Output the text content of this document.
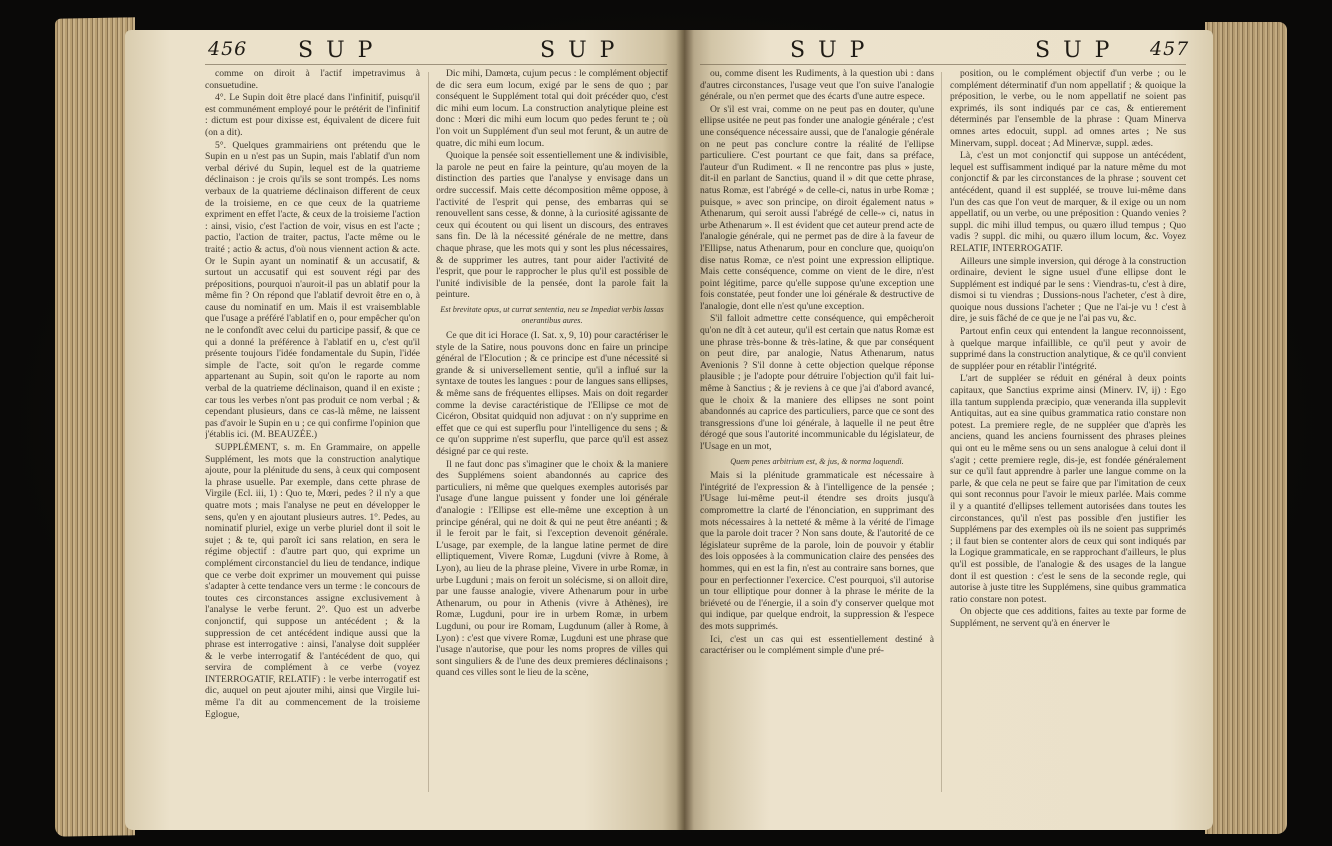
456 S U P	S U P	S U P	S U P 457

comme on diroit à l'actif impetravimus à consuetudine.

4°. Le Supin doit être placé dans l'infinitif, puisqu'il est communément employé pour le prétérit de l'infinitif : dictum est pour dixisse est, équivalent de dicere fuit (on a dit).

5°. Quelques grammairiens ont prétendu que le Supin en u n'est pas un Supin, mais l'ablatif d'un nom verbal dérivé du Supin, lequel est de la quatrieme déclinaison : je crois qu'ils se sont trompés. Les noms verbaux de la quatrieme déclinaison different de ceux de la troisieme, en ce que ceux de la quatrieme expriment en effet l'acte, & ceux de la troisieme l'action : ainsi, visio, c'est l'action de voir, visus en est l'acte ; pactio, l'action de traiter, pactus, l'acte même ou le traité ; actio & actus, d'où nous viennent action & acte. Or le Supin ayant un nominatif & un accusatif, & surtout un accusatif qui est souvent régi par des prépositions, pourquoi n'auroit-il pas un ablatif pour la même fin ? On répond que l'ablatif devroit être en o, à cause du nominatif en um. Mais il est vraisemblable que l'usage a préféré l'ablatif en o, pour empêcher qu'on ne le confondît avec celui du participe passif, & que ce qui a donné la préférence à l'ablatif en u, c'est qu'il présente toujours l'idée fondamentale du Supin, l'idée simple de l'acte, soit qu'on le regarde comme appartenant au Supin, soit qu'on le raporte au nom verbal de la quatrieme déclinaison, quand il en existe ; car tous les verbes n'ont pas produit ce nom verbal ; & cependant plusieurs, dans ce cas-là même, ne laissent pas d'avoir le Supin en u ; ce qui confirme l'opinion que j'établis ici. (M. BEAUZÉE.)

SUPPLÉMENT, s. m. En Grammaire, on appelle Supplément, les mots que la construction analytique ajoute, pour la plénitude du sens, à ceux qui composent la phrase usuelle. Par exemple, dans cette phrase de Virgile (Ecl. iii, 1) : Quo te, Mœri, pedes ? il n'y a que quatre mots ; mais l'analyse ne peut en développer le sens, qu'en y en ajoutant plusieurs autres. 1°. Pedes, au nominatif pluriel, exige un verbe pluriel dont il soit le sujet ; & te, qui paroît ici sans relation, en sera le régime objectif : d'autre part quo, qui exprime un complément circonstanciel du lieu de tendance, indique que ce verbe doit exprimer un mouvement qui puisse s'adapter à cette tendance vers un terme : le concours de toutes ces circonstances assigne exclusivement à l'analyse le verbe ferunt. 2°. Quo est un adverbe conjonctif, qui suppose un antécédent ; & la suppression de cet antécédent indique aussi que la phrase est interrogative : ainsi, l'analyse doit suppléer & le verbe interrogatif & l'antécédent de quo, qui servira de complément à ce verbe (voyez INTERROGATIF, RELATIF) : le verbe interrogatif est dic, auquel on peut ajouter mihi, ainsi que Virgile lui-même l'a dit au commencement de la troisieme Eglogue,

Dic mihi, Damœta, cujum pecus : le complément objectif de dic sera eum locum, exigé par le sens de quo ; par conséquent le Supplément total qui doit précéder quo, c'est dic mihi eum locum. La construction analytique pleine est donc : Mœri dic mihi eum locum quo pedes ferunt te ; où l'on voit un Supplément d'un seul mot ferunt, & un autre de quatre, dic mihi eum locum.

Quoique la pensée soit essentiellement une & indivisible, la parole ne peut en faire la peinture, qu'au moyen de la distinction des parties que l'analyse y envisage dans un ordre successif. Mais cette décomposition même oppose, à l'activité de l'esprit qui pense, des embarras qui se renouvellent sans cesse, & donne, à la curiosité agissante de ceux qui écoutent ou qui lisent un discours, des entraves sans fin. De là la nécessité générale de ne mettre, dans chaque phrase, que les mots qui y sont les plus nécessaires, & de supprimer les autres, tant pour aider l'activité de l'esprit, que pour le rapprocher le plus qu'il est possible de l'unité indivisible de la pensée, dont la parole fait la peinture.

Est brevitate opus, ut currat sententia, neu se Impediat verbis lassas onerantibus aures.

Ce que dit ici Horace (I. Sat. x, 9, 10) pour caractériser le style de la Satire, nous pouvons donc en faire un principe général de l'Elocution ; & ce principe est d'une nécessité si grande & si universellement sentie, qu'il a influé sur la syntaxe de toutes les langues : pour de langues sans ellipses, & même sans de fréquentes ellipses. Mais on doit regarder comme la devise caractéristique de l'Ellipse ce mot de Cicéron, Obsitat quidquid non adjuvat : on n'y supprime en effet que ce qui est superflu pour l'intelligence du sens ; & ce qu'on supprime n'est superflu, que parce qu'il est assez désigné par ce qui reste.

Il ne faut donc pas s'imaginer que le choix & la maniere des Supplémens soient abandonnés au caprice des particuliers, ni même que quelques exemples autorisés par l'usage d'une langue puissent y fonder une loi générale d'analogie : l'Ellipse est elle-même une exception à un principe général, qui ne doit & qui ne peut être anéanti ; & il le feroit par le fait, si l'exception devenoit générale. L'usage, par exemple, de la langue latine permet de dire elliptiquement, Vivere Romæ, Lugduni (vivre à Rome, à Lyon), au lieu de la phrase pleine, Vivere in urbe Romæ, in urbe Lugduni ; mais on feroit un solécisme, si on alloit dire, par une fausse analogie, vivere Athenarum pour in urbe Athenarum, ou pour in Athenis (vivre à Athènes), ire Romæ, Lugduni, pour ire in urbem Romæ, in urbem Lugduni, ou pour ire Romam, Lugdunum (aller à Rome, à Lyon) : c'est que vivere Romæ, Lugduni est une phrase que l'usage n'autorise, que pour les noms propres de villes qui sont singuliers & de l'une des deux premieres déclinaisons ; quand ces villes sont le lieu de la scène,

ou, comme disent les Rudiments, à la question ubi : dans d'autres circonstances, l'usage veut que l'on suive l'analogie générale, ou n'en permet que des écarts d'une autre espece.

Or s'il est vrai, comme on ne peut pas en douter, qu'une ellipse usitée ne peut pas fonder une analogie générale ; c'est une conséquence nécessaire aussi, que de l'analogie générale on ne peut pas conclure contre la réalité de l'ellipse particuliere. C'est pourtant ce que fait, dans sa préface, l'auteur d'un Rudiment. « Il ne rencontre pas plus » juste, dit-il en parlant de Sanctius, quand il » dit que cette phrase, natus Romæ, est l'abrégé » de celle-ci, natus in urbe Romæ ; puisque, » avec son principe, on diroit également natus » Athenarum, qui seroit aussi l'abrégé de celle-» ci, natus in urbe Athenarum ». Il est évident que cet auteur prend acte de l'analogie générale, qui ne permet pas de dire à la faveur de l'Ellipse, natus Athenarum, pour en conclure que, quoiqu'on dise natus Romæ, ce n'est point une expression elliptique. Mais cette conséquence, comme on vient de le dire, n'est point légitime, parce qu'elle suppose qu'une exception une fois constatée, peut fonder une loi générale & destructive de l'analogie, dont elle n'est qu'une exception.

S'il falloit admettre cette conséquence, qui empêcheroit qu'on ne dît à cet auteur, qu'il est certain que natus Romæ est une phrase très-bonne & très-latine, & que par conséquent on peut dire, par analogie, Natus Athenarum, natus Avenionis ? S'il donne à cette objection quelque réponse plausible ; je l'adopte pour détruire l'objection qu'il fait lui-même à Sanctius ; & je reviens à ce que j'ai d'abord avancé, que le choix & la maniere des ellipses ne sont point abandonnés au caprice des particuliers, parce que ce sont des transgressions d'une loi générale, à laquelle il ne peut être dérogé que sous l'autorité incommunicable du législateur, de l'Usage en un mot,

Quem penes arbitrium est, & jus, & norma loquendi.

Mais si la plénitude grammaticale est nécessaire à l'intégrité de l'expression & à l'intelligence de la pensée ; l'Usage lui-même peut-il étendre ses droits jusqu'à compromettre la clarté de l'énonciation, en supprimant des mots nécessaires à la netteté & même à la vérité de l'image que la parole doit tracer ? Non sans doute, & l'autorité de ce législateur suprême de la parole, loin de pouvoir y établir des lois opposées à la communication claire des pensées des hommes, qui en est la fin, n'est au contraire sans bornes, que pour en perfectionner l'exercice. C'est pourquoi, s'il autorise un tour elliptique pour donner à la phrase le mérite de la briéveté ou de l'énergie, il a soin d'y conserver quelque mot qui indique, par quelque endroit, la suppression & l'espece des mots supprimés.

Ici, c'est un cas qui est essentiellement destiné à caractériser ou le complément simple d'une pré-

position, ou le complément objectif d'un verbe ; ou le complément déterminatif d'un nom appellatif ; & quoique la préposition, le verbe, ou le nom appellatif ne soient pas exprimés, ils sont indiqués par ce cas, & entierement déterminés par l'ensemble de la phrase : Quam Minerva omnes artes edocuit, suppl. ad omnes artes ; Ne sus Minervam, suppl. doceat ; Ad Minervæ, suppl. ædes.

Là, c'est un mot conjonctif qui suppose un antécédent, lequel est suffisamment indiqué par la nature même du mot conjonctif & par les circonstances de la phrase ; souvent cet antécédent, quand il est suppléé, se trouve lui-même dans l'un des cas que l'on veut de marquer, & il exige ou un nom appellatif, ou un verbe, ou une préposition : Quando venies ? suppl. dic mihi illud tempus, ou quæro illud tempus ; Quo vadis ? suppl. dic mihi, ou quæro illum locum, &c. Voyez RELATIF, INTERROGATIF.

Ailleurs une simple inversion, qui déroge à la construction ordinaire, devient le signe usuel d'une ellipse dont le Supplément est indiqué par le sens : Viendras-tu, c'est à dire, dismoi si tu viendras ; Dussions-nous l'acheter, c'est à dire, quoique nous dussions l'acheter ; Que ne l'ai-je vu ! c'est à dire, je suis fâché de ce que je ne l'ai pas vu, &c.

Partout enfin ceux qui entendent la langue reconnoissent, à quelque marque infaillible, ce qu'il peut y avoir de supprimé dans la construction analytique, & ce qu'il convient de suppléer pour en rétablir l'intégrité.

L'art de suppléer se réduit en général à deux points capitaux, que Sanctius exprime ainsi (Minerv. IV, ij) : Ego illa tantum supplenda præcipio, quæ veneranda illa supplevit Antiquitas, aut ea sine quibus grammatica ratio constare non potest. La premiere regle, de ne suppléer que d'après les anciens, quand les anciens fournissent des phrases pleines qui ont eu le même sens ou un sens analogue à celui dont il s'agit ; cette premiere regle, dis-je, est fondée généralement sur ce qu'il faut apprendre à parler une langue comme on la parle, & que cela ne peut se faire que par l'imitation de ceux qui sont reconnus pour l'avoir le mieux parlée. Mais comme il y a quantité d'ellipses tellement autorisées dans toutes les circonstances, qu'il n'est pas possible d'en justifier les Supplémens par des exemples où ils ne soient pas supprimés ; il faut bien se contenter alors de ceux qui sont indiqués par la Logique grammaticale, en se rapprochant d'ailleurs, le plus qu'il est possible, de l'analogie & des usages de la langue dont il est question : c'est le sens de la seconde regle, qui autorise à juste titre les Supplémens, sine quibus grammatica ratio constare non potest.

On objecte que ces additions, faites au texte par forme de Supplément, ne servent qu'à en énerver le
